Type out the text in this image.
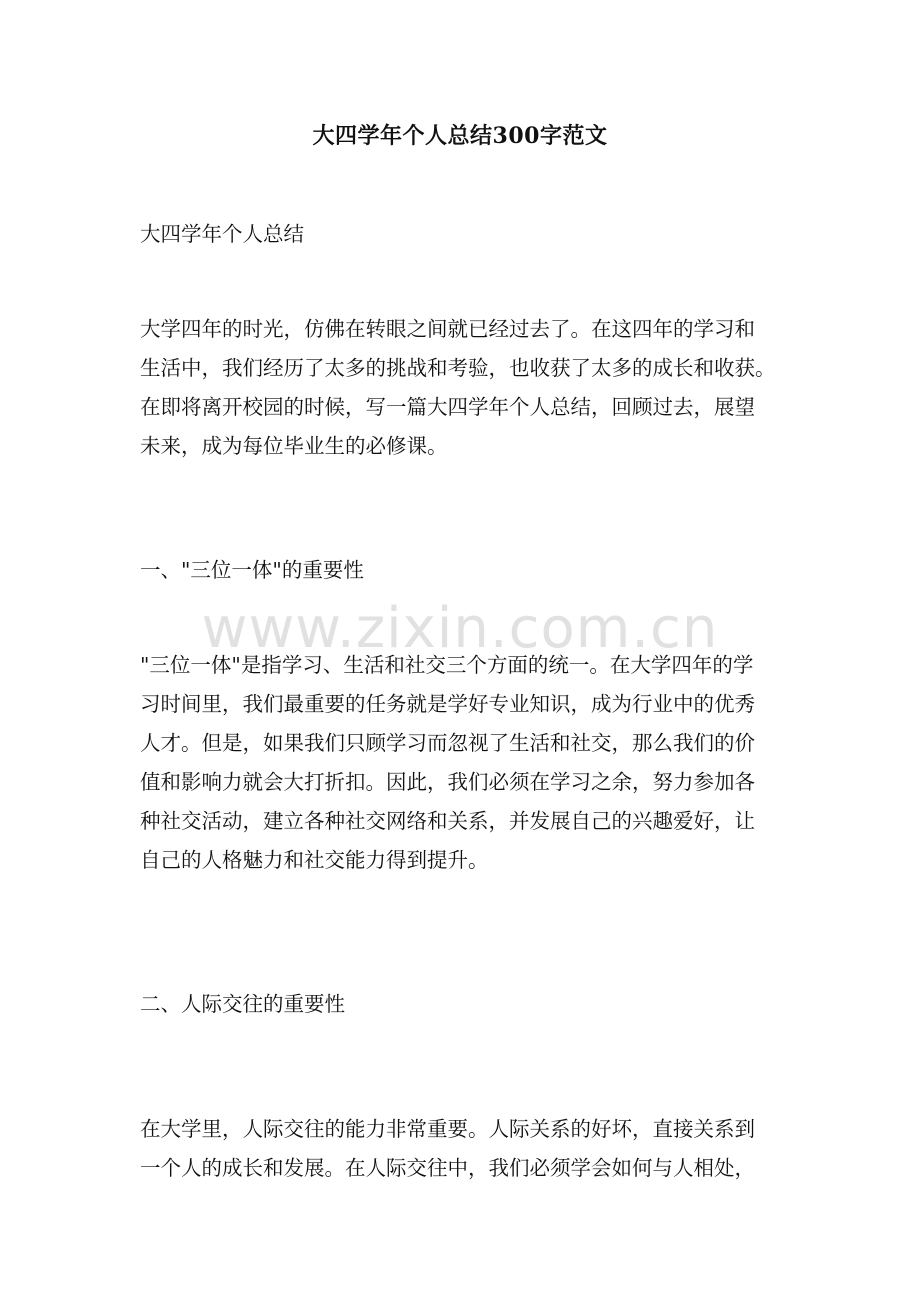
大四学年个人总结300字范文
大四学年个人总结
大学四年的时光，仿佛在转眼之间就已经过去了。在这四年的学习和
生活中，我们经历了太多的挑战和考验，也收获了太多的成长和收获。
在即将离开校园的时候，写一篇大四学年个人总结，回顾过去，展望
未来，成为每位毕业生的必修课。
一、"三位一体"的重要性
"三位一体"是指学习、生活和社交三个方面的统一。在大学四年的学
习时间里，我们最重要的任务就是学好专业知识，成为行业中的优秀
人才。但是，如果我们只顾学习而忽视了生活和社交，那么我们的价
值和影响力就会大打折扣。因此，我们必须在学习之余，努力参加各
种社交活动，建立各种社交网络和关系，并发展自己的兴趣爱好，让
自己的人格魅力和社交能力得到提升。
二、人际交往的重要性
在大学里，人际交往的能力非常重要。人际关系的好坏，直接关系到
一个人的成长和发展。在人际交往中，我们必须学会如何与人相处，
www.zixin.com.cn
